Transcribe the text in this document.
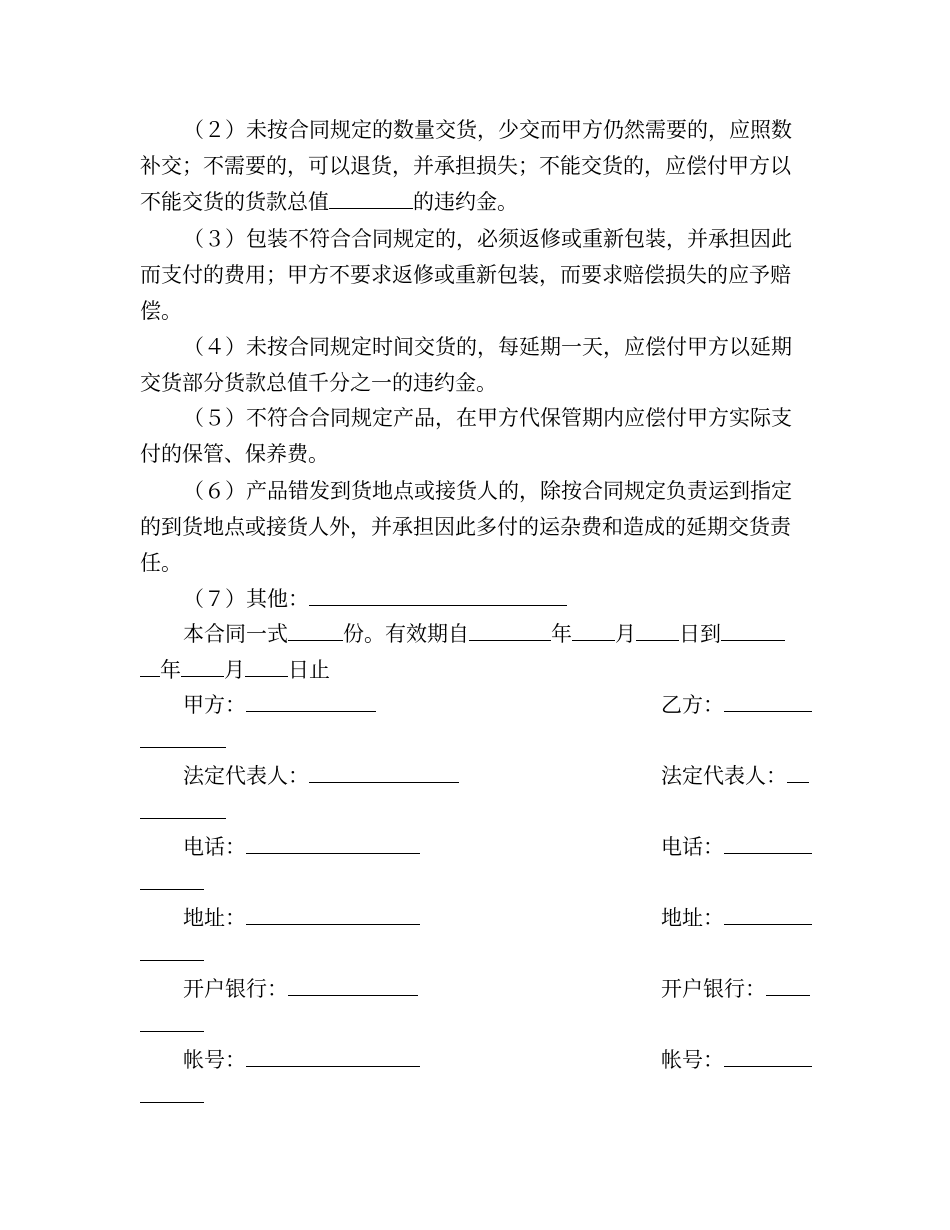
（２）未按合同规定的数量交货，少交而甲方仍然需要的，应照数
补交；不需要的，可以退货，并承担损失；不能交货的，应偿付甲方以
不能交货的货款总值	的违约金。
（３）包装不符合合同规定的，必须返修或重新包装，并承担因此
而支付的费用；甲方不要求返修或重新包装，而要求赔偿损失的应予赔
偿。
（４）未按合同规定时间交货的，每延期一天，应偿付甲方以延期
交货部分货款总值千分之一的违约金。
（５）不符合合同规定产品，在甲方代保管期内应偿付甲方实际支
付的保管、保养费。
（６）产品错发到货地点或接货人的，除按合同规定负责运到指定
的到货地点或接货人外，并承担因此多付的运杂费和造成的延期交货责
任。
（７）其他：
本合同一式	份。有效期自	年 月 日到
年 月 日止
甲方：	乙方：
法定代表人：	法定代表人：
电话：	电话：
地址：	地址：
开户银行：	开户银行：
帐号：	帐号：
